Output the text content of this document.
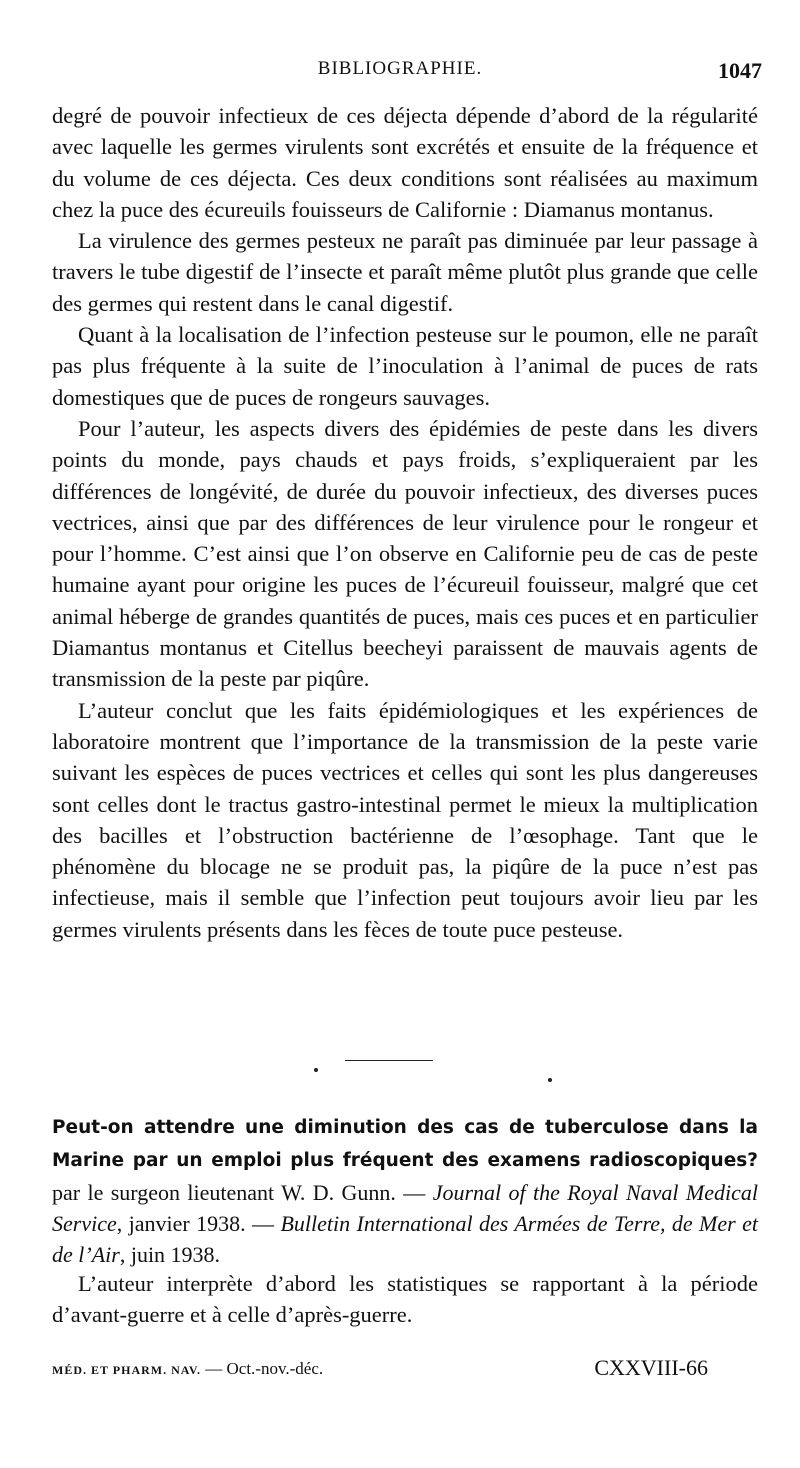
BIBLIOGRAPHIE.	1047

degré de pouvoir infectieux de ces déjecta dépende d’abord de la régularité avec laquelle les germes virulents sont excrétés et ensuite de la fréquence et du volume de ces déjecta. Ces deux conditions sont réalisées au maximum chez la puce des écureuils fouisseurs de Californie : Diamanus montanus.

La virulence des germes pesteux ne paraît pas diminuée par leur passage à travers le tube digestif de l’insecte et paraît même plutôt plus grande que celle des germes qui restent dans le canal digestif.

Quant à la localisation de l’infection pesteuse sur le poumon, elle ne paraît pas plus fréquente à la suite de l’inoculation à l’animal de puces de rats domestiques que de puces de rongeurs sauvages.

Pour l’auteur, les aspects divers des épidémies de peste dans les divers points du monde, pays chauds et pays froids, s’expliqueraient par les différences de longévité, de durée du pouvoir infectieux, des diverses puces vectrices, ainsi que par des différences de leur virulence pour le rongeur et pour l’homme. C’est ainsi que l’on observe en Californie peu de cas de peste humaine ayant pour origine les puces de l’écureuil fouisseur, malgré que cet animal héberge de grandes quantités de puces, mais ces puces et en particulier Diamantus montanus et Citellus beecheyi paraissent de mauvais agents de transmission de la peste par piqûre.

L’auteur conclut que les faits épidémiologiques et les expériences de laboratoire montrent que l’importance de la transmission de la peste varie suivant les espèces de puces vectrices et celles qui sont les plus dangereuses sont celles dont le tractus gastro-intestinal permet le mieux la multiplication des bacilles et l’obstruction bactérienne de l’œsophage. Tant que le phénomène du blocage ne se produit pas, la piqûre de la puce n’est pas infectieuse, mais il semble que l’infection peut toujours avoir lieu par les germes virulents présents dans les fèces de toute puce pesteuse.

Peut-on attendre une diminution des cas de tuberculose dans la Marine par un emploi plus fréquent des examens radioscopiques? par le surgeon lieutenant W. D. Gunn. — Journal of the Royal Naval Medical Service, janvier 1938. — Bulletin International des Armées de Terre, de Mer et de l’Air, juin 1938.

L’auteur interprète d’abord les statistiques se rapportant à la période d’avant-guerre et à celle d’après-guerre.

MÉD. ET PHARM. NAV. — Oct.-nov.-déc.	CXXVIII-66
